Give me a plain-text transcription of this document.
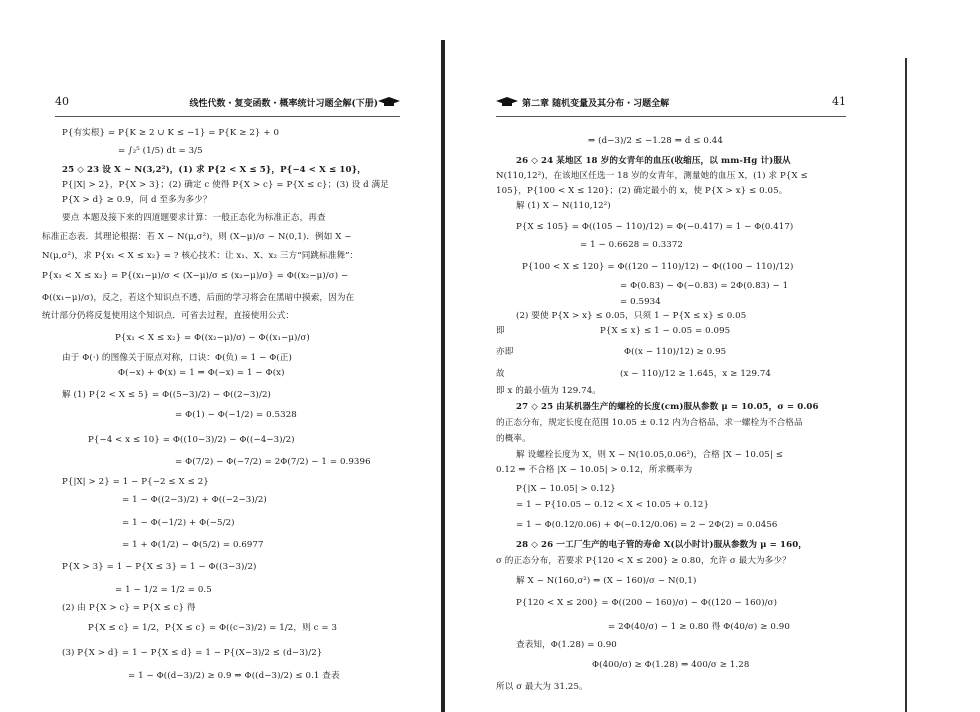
40	线性代数・复变函数・概率统计习题全解(下册)
P{有实根} = P{K ≥ 2 ∪ K ≤ −1} = P{K ≥ 2} + 0
= ∫₂⁵ (1/5) dt = 3/5
25 ◇ 23 设 X ~ N(3,2²)，(1) 求 P{2 < X ≤ 5}，P{−4 < X ≤ 10}，
P{|X| > 2}，P{X > 3}；(2) 确定 c 使得 P{X > c} = P{X ≤ c}；(3) 设 d 满足
P{X > d} ≥ 0.9，问 d 至多为多少？
要点 本题及接下来的四道题要求计算：一般正态化为标准正态，再查
标准正态表．其理论根据：若 X ~ N(μ,σ²)，则 (X−μ)/σ ~ N(0,1)．例如 X ~
N(μ,σ²)，求 P{x₁ < X ≤ x₂} = ? 核心技术：让 x₁、X、x₂ 三方“同跳标准舞”：
P{x₁ < X ≤ x₂} = P{(x₁−μ)/σ < (X−μ)/σ ≤ (x₂−μ)/σ} = Φ((x₂−μ)/σ) −
Φ((x₁−μ)/σ)，反之，若这个知识点不透，后面的学习将会在黑暗中摸索，因为在
统计部分仍将反复使用这个知识点．可省去过程，直接使用公式：
P{x₁ < X ≤ x₂} = Φ((x₂−μ)/σ) − Φ((x₁−μ)/σ)
由于 Φ(·) 的图像关于原点对称，口诀：Φ(负) = 1 − Φ(正)
Φ(−x) + Φ(x) = 1 ⇒ Φ(−x) = 1 − Φ(x)
解 (1) P{2 < X ≤ 5} = Φ((5−3)/2) − Φ((2−3)/2)
= Φ(1) − Φ(−1/2) = 0.5328
P{−4 < x ≤ 10} = Φ((10−3)/2) − Φ((−4−3)/2)
= Φ(7/2) − Φ(−7/2) = 2Φ(7/2) − 1 = 0.9396
P{|X| > 2} = 1 − P{−2 ≤ X ≤ 2}
= 1 − Φ((2−3)/2) + Φ((−2−3)/2)
= 1 − Φ(−1/2) + Φ(−5/2)
= 1 + Φ(1/2) − Φ(5/2) = 0.6977
P{X > 3} = 1 − P{X ≤ 3} = 1 − Φ((3−3)/2)
= 1 − 1/2 = 1/2 = 0.5
(2) 由 P{X > c} = P{X ≤ c} 得
P{X ≤ c} = 1/2，P{X ≤ c} = Φ((c−3)/2) = 1/2，则 c = 3
(3) P{X > d} = 1 − P{X ≤ d} = 1 − P{(X−3)/2 ≤ (d−3)/2}
= 1 − Φ((d−3)/2) ≥ 0.9 ⇒ Φ((d−3)/2) ≤ 0.1 查表
第二章 随机变量及其分布・习题全解	41
⇒ (d−3)/2 ≤ −1.28 ⇒ d ≤ 0.44
26 ◇ 24 某地区 18 岁的女青年的血压(收缩压，以 mm-Hg 计)服从
N(110,12²)，在该地区任选一 18 岁的女青年，测量她的血压 X，(1) 求 P{X ≤
105}，P{100 < X ≤ 120}；(2) 确定最小的 x，使 P{X > x} ≤ 0.05。
解 (1) X ~ N(110,12²)
P{X ≤ 105} = Φ((105 − 110)/12) = Φ(−0.417) = 1 − Φ(0.417)
= 1 − 0.6628 = 0.3372
P{100 < X ≤ 120} = Φ((120 − 110)/12) − Φ((100 − 110)/12)
= Φ(0.83) − Φ(−0.83) = 2Φ(0.83) − 1
= 0.5934
(2) 要使 P{X > x} ≤ 0.05，只须 1 − P{X ≤ x} ≤ 0.05
即	P{X ≤ x} ≤ 1 − 0.05 = 0.095
亦即	Φ((x − 110)/12) ≥ 0.95
故	(x − 110)/12 ≥ 1.645，x ≥ 129.74
即 x 的最小值为 129.74。
27 ◇ 25 由某机器生产的螺栓的长度(cm)服从参数 μ = 10.05，σ = 0.06
的正态分布，规定长度在范围 10.05 ± 0.12 内为合格品，求一螺栓为不合格品
的概率。
解 设螺栓长度为 X，则 X ~ N(10.05,0.06²)，合格 |X − 10.05| ≤
0.12 ⇒ 不合格 |X − 10.05| > 0.12，所求概率为
P{|X − 10.05| > 0.12}
= 1 − P{10.05 − 0.12 < X < 10.05 + 0.12}
= 1 − Φ(0.12/0.06) + Φ(−0.12/0.06) = 2 − 2Φ(2) = 0.0456
28 ◇ 26 一工厂生产的电子管的寿命 X(以小时计)服从参数为 μ = 160，
σ 的正态分布，若要求 P{120 < X ≤ 200} ≥ 0.80，允许 σ 最大为多少？
解 X ~ N(160,σ²) ⇒ (X − 160)/σ ~ N(0,1)
P{120 < X ≤ 200} = Φ((200 − 160)/σ) − Φ((120 − 160)/σ)
= 2Φ(40/σ) − 1 ≥ 0.80 得 Φ(40/σ) ≥ 0.90
查表知，Φ(1.28) = 0.90
Φ(400/σ) ≥ Φ(1.28) ⇒ 400/σ ≥ 1.28
所以 σ 最大为 31.25。
